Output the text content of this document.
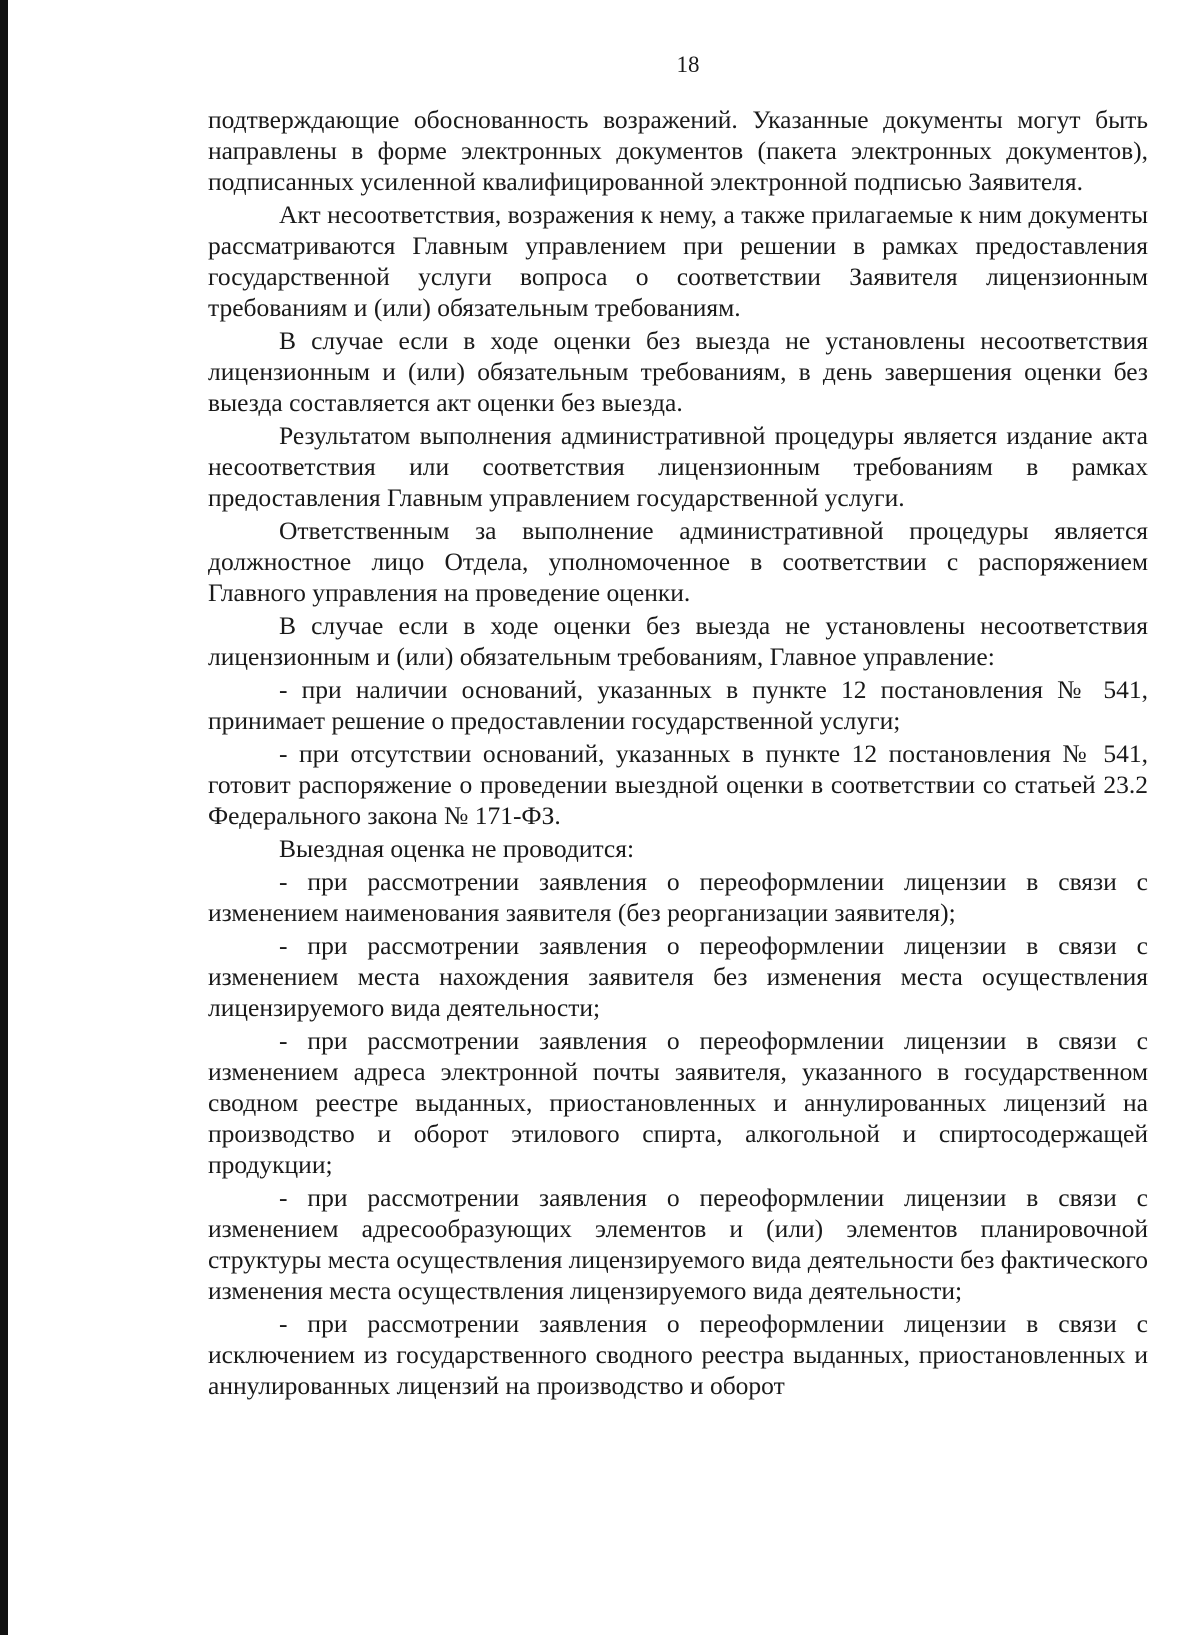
18

подтверждающие обоснованность возражений. Указанные документы могут быть направлены в форме электронных документов (пакета электронных документов), подписанных усиленной квалифицированной электронной подписью Заявителя.

Акт несоответствия, возражения к нему, а также прилагаемые к ним документы рассматриваются Главным управлением при решении в рамках предоставления государственной услуги вопроса о соответствии Заявителя лицензионным требованиям и (или) обязательным требованиям.

В случае если в ходе оценки без выезда не установлены несоответствия лицензионным и (или) обязательным требованиям, в день завершения оценки без выезда составляется акт оценки без выезда.

Результатом выполнения административной процедуры является издание акта несоответствия или соответствия лицензионным требованиям в рамках предоставления Главным управлением государственной услуги.

Ответственным за выполнение административной процедуры является должностное лицо Отдела, уполномоченное в соответствии с распоряжением Главного управления на проведение оценки.

В случае если в ходе оценки без выезда не установлены несоответствия лицензионным и (или) обязательным требованиям, Главное управление:

- при наличии оснований, указанных в пункте 12 постановления № 541, принимает решение о предоставлении государственной услуги;

- при отсутствии оснований, указанных в пункте 12 постановления № 541, готовит распоряжение о проведении выездной оценки в соответствии со статьей 23.2 Федерального закона № 171-ФЗ.

Выездная оценка не проводится:

- при рассмотрении заявления о переоформлении лицензии в связи с изменением наименования заявителя (без реорганизации заявителя);

- при рассмотрении заявления о переоформлении лицензии в связи с изменением места нахождения заявителя без изменения места осуществления лицензируемого вида деятельности;

- при рассмотрении заявления о переоформлении лицензии в связи с изменением адреса электронной почты заявителя, указанного в государственном сводном реестре выданных, приостановленных и аннулированных лицензий на производство и оборот этилового спирта, алкогольной и спиртосодержащей продукции;

- при рассмотрении заявления о переоформлении лицензии в связи с изменением адресообразующих элементов и (или) элементов планировочной структуры места осуществления лицензируемого вида деятельности без фактического изменения места осуществления лицензируемого вида деятельности;

- при рассмотрении заявления о переоформлении лицензии в связи с исключением из государственного сводного реестра выданных, приостановленных и аннулированных лицензий на производство и оборот
